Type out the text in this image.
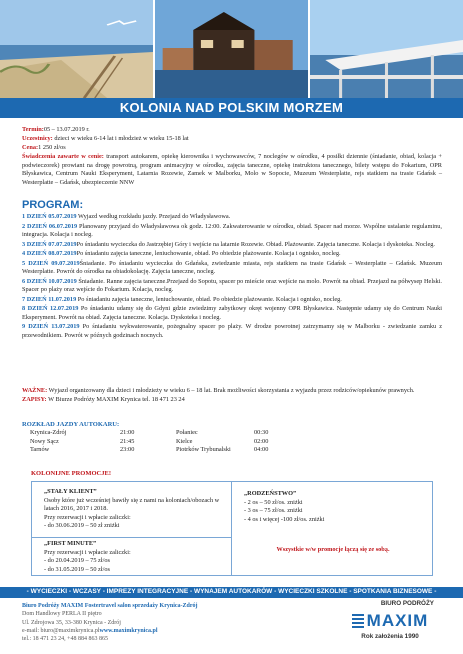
KOLONIA NAD POLSKIM MORZEM
Termin:05 – 13.07.2019 r.
Uczestnicy: dzieci w wieku 6-14 lat i młodzież w wieku 15-18 lat
Cena:1 250 zł/os
Świadczenia zawarte w cenie: transport autokarem, opiekę kierownika i wychowawców, 7 noclegów w ośrodku, 4 posiłki dziennie (śniadanie, obiad, kolacja + podwieczorek) prowiant na drogę powrotną, program animacyjny w ośrodku, zajęcia taneczne, opiekę instruktora tanecznego, bilety wstępu do Fokarium, OPR Błyskawica, Centrum Nauki Eksperyment, Latarnia Rozewie, Zamek w Malborku, Molo w Sopocie, Muzeum Westerplatte, rejs statkiem na trasie Gdańsk – Westerplatte – Gdańsk, ubezpieczenie NNW
PROGRAM:
1 DZIEŃ 05.07.2019 Wyjazd według rozkładu jazdy. Przejazd do Władysławowa.
2 DZIEŃ 06.07.2019 Planowany przyjazd do Władysławowa ok godz. 12:00. Zakwaterowanie w ośrodku, obiad. Spacer nad morze. Wspólne ustalanie regulaminu, integracja. Kolacja i nocleg.
3 DZIEŃ 07.07.2019Po śniadaniu wycieczka do Jastrzębiej Góry i wejście na latarnie Rozewie. Obiad. Plażowanie. Zajęcia taneczne. Kolacja i dyskoteka. Nocleg.
4 DZIEŃ 08.07.2019Po śniadaniu zajęcia taneczne, leniuchowanie, obiad. Po obiedzie plażowanie. Kolacja i ognisko, nocleg.
5 DZIEŃ 09.07.2019Śniadanie. Po śniadaniu wycieczka do Gdańska, zwiedzanie miasta, rejs statkiem na trasie Gdańsk – Westerplatte – Gdańsk. Muzeum Westerplatte. Powrót do ośrodka na obiadokolację. Zajęcia taneczne, nocleg.
6 DZIEŃ 10.07.2019 Śniadanie. Ranne zajęcia taneczne.Przejazd do Sopotu, spacer po mieście oraz wejście na molo. Powrót na obiad. Przejazd na półwysep Helski. Spacer po plaży oraz wejście do Fokarium. Kolacja, nocleg.
7 DZIEŃ 11.07.2019 Po śniadaniu zajęcia taneczne, leniuchowanie, obiad. Po obiedzie plażowanie. Kolacja i ognisko, nocleg.
8 DZIEŃ 12.07.2019 Po śniadaniu udamy się do Gdyni gdzie zwiedzimy zabytkowy okręt wojenny OPR Błyskawica. Następnie udamy się do Centrum Nauki Eksperyment. Powrót na obiad. Zajęcia taneczne. Kolacja. Dyskoteka i nocleg.
9 DZIEŃ 13.07.2019 Po śniadaniu wykwaterowanie, pożegnalny spacer po plaży. W drodze powrotnej zatrzymamy się w Malborku - zwiedzanie zamku z przewodnikiem. Powrót w późnych godzinach nocnych.
WAŻNE: Wyjazd organizowany dla dzieci i młodzieży w wieku 6 – 18 lat. Brak możliwości skorzystania z wyjazdu przez rodziców/opiekunów prawnych.
ZAPISY: W Biurze Podróży MAXIM Krynica tel. 18 471 23 24
ROZKŁAD JAZDY AUTOKARU:
Krynica-Zdrój	21:00	Połaniec	00:30
Nowy Sącz	21:45	Kielce	02:00
Tarnów	23:00	Piotrków Trybunalski	04:00
KOLONIJNE PROMOCJE!
„STAŁY KLIENT”
Osoby które już wcześniej bawiły się z nami na koloniach/obozach w latach 2016, 2017 i 2018.
Przy rezerwacji i wpłacie zaliczki:
- do 30.06.2019 – 50 zł zniżki
„RODZEŃSTWO”
- 2 os – 50 zł/os. zniżki
- 3 os – 75 zł/os. zniżki
- 4 os i więcej -100 zł/os. zniżki
„FIRST MINUTE”
Przy rezerwacji i wpłacie zaliczki:
- do 20.04.2019 – 75 zł/os
- do 31.05.2019 – 50 zł/os
Wszystkie w/w promocje łączą się ze sobą.
- WYCIECZKI - WCZASY - IMPREZY INTEGRACYJNE - WYNAJEM AUTOKARÓW - WYCIECZKI SZKOLNE - SPOTKANIA BIZNESOWE -
Biuro Podróży MAXIM Fostertravel salon sprzedaży Krynica-Zdrój
Dom Handlowy PERLA II piętro
Ul. Zdrojowa 35, 33-380 Krynica - Zdrój
e-mail: biuro@maximkrynica.plwww.maximkrynica.pl
tel.: 18 471 23 24, +48 884 863 865
BIURO PODRÓŻY
MAXIM
Rok założenia 1990
